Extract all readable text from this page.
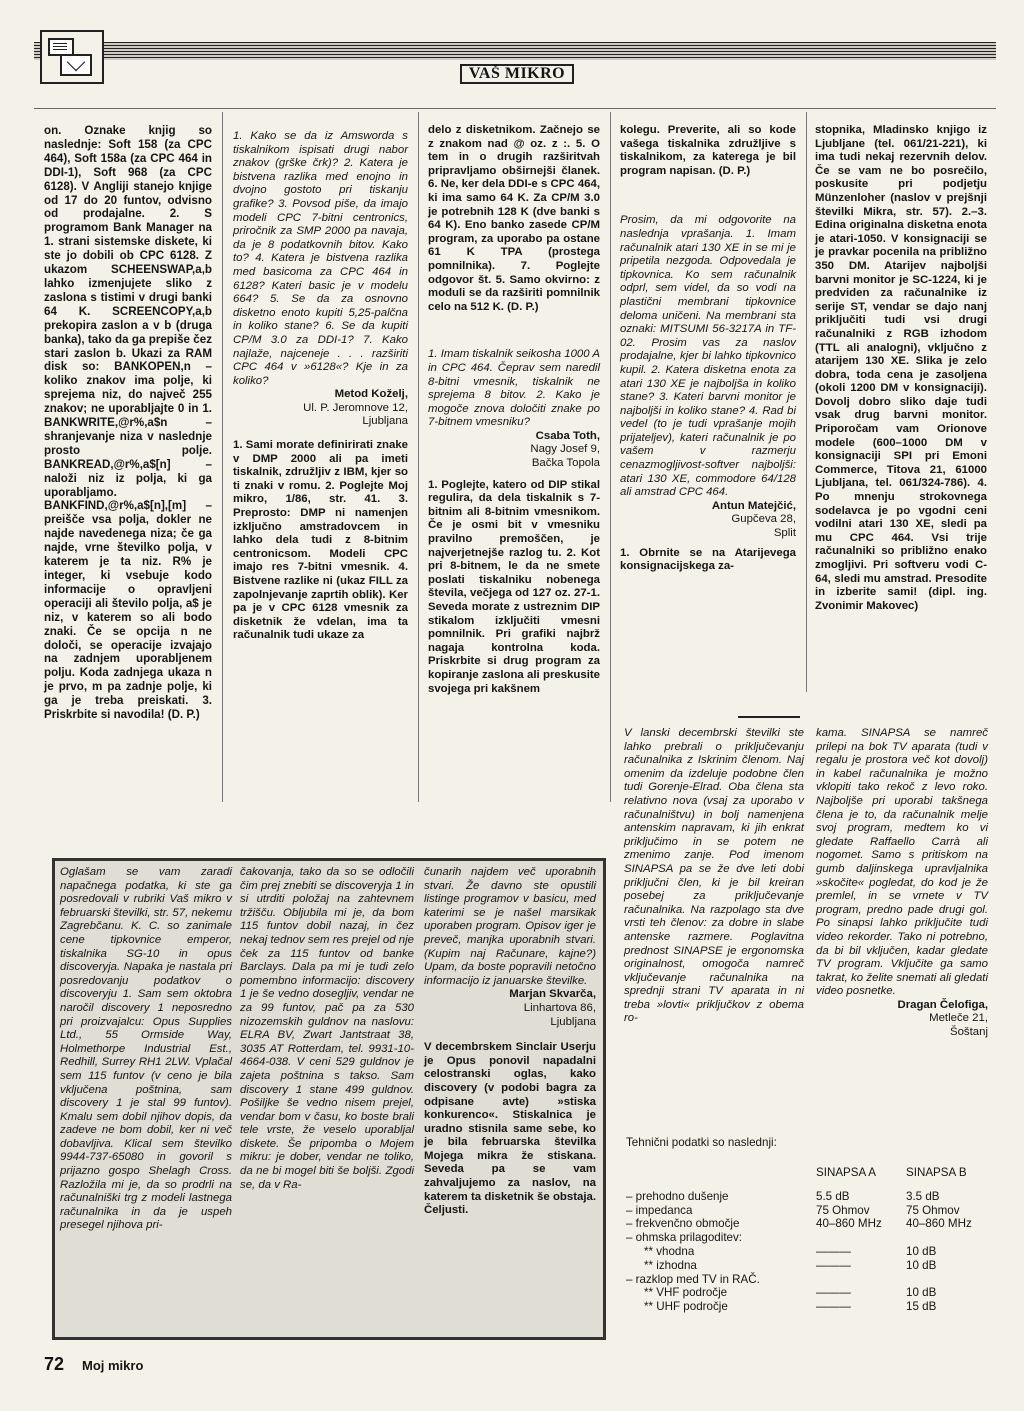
VAŠ MIKRO

on. Oznake knjig so naslednje: Soft 158 (za CPC 464), Soft 158a (za CPC 464 in DDI-1), Soft 968 (za CPC 6128). V Angliji stanejo knjige od 17 do 20 funtov, odvisno od prodajalne. 2. S programom Bank Manager na 1. strani sistemske diskete, ki ste jo dobili ob CPC 6128. Z ukazom SCHEENSWAP,a,b lahko izmenjujete sliko z zaslona s tistimi v drugi banki 64 K. SCREENCOPY,a,b prekopira zaslon a v b (druga banka), tako da ga prepiše čez stari zaslon b. Ukazi za RAM disk so: BANKOPEN,n – koliko znakov ima polje, ki sprejema niz, do največ 255 znakov; ne uporabljajte 0 in 1. BANKWRITE,@r%,a$n – shranjevanje niza v naslednje prosto polje. BANKREAD,@r%,a$[n] – naloži niz iz polja, ki ga uporabljamo. BANKFIND,@r%,a$[n],[m] – preišče vsa polja, dokler ne najde navedenega niza; če ga najde, vrne številko polja, v katerem je ta niz. R% je integer, ki vsebuje kodo informacije o opravljeni operaciji ali število polja, a$ je niz, v katerem so ali bodo znaki. Če se opcija n ne določi, se operacije izvajajo na zadnjem uporabljenem polju. Koda zadnjega ukaza n je prvo, m pa zadnje polje, ki ga je treba preiskati. 3. Priskrbite si navodila! (D. P.)

1. Kako se da iz Amsworda s tiskalnikom ispisati drugi nabor znakov (grške črk)? 2. Katera je bistvena razlika med enojno in dvojno gostoto pri tiskanju grafike? 3. Povsod piše, da imajo modeli CPC 7-bitni centronics, priročnik za SMP 2000 pa navaja, da je 8 podatkovnih bitov. Kako to? 4. Katera je bistvena razlika med basicoma za CPC 464 in 6128? Kateri basic je v modelu 664? 5. Se da za osnovno disketno enoto kupiti 5,25-palčna in koliko stane? 6. Se da kupiti CP/M 3.0 za DDI-1? 7. Kako najlaže, najceneje . . . razširiti CPC 464 v »6128«? Kje in za koliko?

Metod Koželj,
Ul. P. Jeromnove 12,
Ljubljana

1. Sami morate definirirati znake v DMP 2000 ali pa imeti tiskalnik, združljiv z IBM, kjer so ti znaki v romu. 2. Poglejte Moj mikro, 1/86, str. 41. 3. Preprosto: DMP ni namenjen izključno amstradovcem in lahko dela tudi z 8-bitnim centronicsom. Modeli CPC imajo res 7-bitni vmesnik. 4. Bistvene razlike ni (ukaz FILL za zapolnjevanje zaprtih oblik). Ker pa je v CPC 6128 vmesnik za disketnik že vdelan, ima ta računalnik tudi ukaze za

delo z disketnikom. Začnejo se z znakom nad @ oz. z :. 5. O tem in o drugih razširitvah pripravljamo obširnejši članek. 6. Ne, ker dela DDI-e s CPC 464, ki ima samo 64 K. Za CP/M 3.0 je potrebnih 128 K (dve banki s 64 K). Eno banko zasede CP/M program, za uporabo pa ostane 61 K TPA (prostega pomnilnika). 7. Poglejte odgovor št. 5. Samo okvirno: z moduli se da razširiti pomnilnik celo na 512 K. (D. P.)

1. Imam tiskalnik seikosha 1000 A in CPC 464. Čeprav sem naredil 8-bitni vmesnik, tiskalnik ne sprejema 8 bitov. 2. Kako je mogoče znova določiti znake po 7-bitnem vmesniku?

Csaba Toth,
Nagy Josef 9,
Bačka Topola

1. Poglejte, katero od DIP stikal regulira, da dela tiskalnik s 7-bitnim ali 8-bitnim vmesnikom. Če je osmi bit v vmesniku pravilno premoščen, je najverjetnejše razlog tu. 2. Kot pri 8-bitnem, le da ne smete poslati tiskalniku nobenega števila, večjega od 127 oz. 27-1. Seveda morate z ustreznim DIP stikalom izključiti vmesni pomnilnik. Pri grafiki najbrž nagaja kontrolna koda. Priskrbite si drug program za kopiranje zaslona ali preskusite svojega pri kakšnem

kolegu. Preverite, ali so kode vašega tiskalnika združljive s tiskalnikom, za katerega je bil program napisan. (D. P.)

Prosim, da mi odgovorite na naslednja vprašanja. 1. Imam računalnik atari 130 XE in se mi je pripetila nezgoda. Odpovedala je tipkovnica. Ko sem računalnik odprl, sem videl, da so vodi na plastični membrani tipkovnice deloma uničeni. Na membrani sta oznaki: MITSUMI 56-3217A in TF-02. Prosim vas za naslov prodajalne, kjer bi lahko tipkovnico kupil. 2. Katera disketna enota za atari 130 XE je najboljša in koliko stane? 3. Kateri barvni monitor je najboljši in koliko stane? 4. Rad bi vedel (to je tudi vprašanje mojih prijateljev), kateri računalnik je po vašem v razmerju cenazmogljivost-softver najboljši: atari 130 XE, commodore 64/128 ali amstrad CPC 464.

Antun Matejčić,
Gupčeva 28,
Split

1. Obrnite se na Atarijevega konsignacijskega za-

stopnika, Mladinsko knjigo iz Ljubljane (tel. 061/21-221), ki ima tudi nekaj rezervnih delov. Če se vam ne bo posrečilo, poskusite pri podjetju Münzenloher (naslov v prejšnji številki Mikra, str. 57). 2.–3. Edina originalna disketna enota je atari-1050. V konsignaciji se je pravkar pocenila na približno 350 DM. Atarijev najboljši barvni monitor je SC-1224, ki je predviden za računalnike iz serije ST, vendar se dajo nanj priključiti tudi vsi drugi računalniki z RGB izhodom (TTL ali analogni), vključno z atarijem 130 XE. Slika je zelo dobra, toda cena je zasoljena (okoli 1200 DM v konsignaciji). Dovolj dobro sliko daje tudi vsak drug barvni monitor. Priporočam vam Orionove modele (600–1000 DM v konsignaciji SPI pri Emoni Commerce, Titova 21, 61000 Ljubljana, tel. 061/324-786). 4. Po mnenju strokovnega sodelavca je po vgodni ceni vodilni atari 130 XE, sledi pa mu CPC 464. Vsi trije računalniki so približno enako zmogljivi. Pri softveru vodi C-64, sledi mu amstrad. Presodite in izberite sami! (dipl. ing. Zvonimir Makovec)

Oglašam se vam zaradi napačnega podatka, ki ste ga posredovali v rubriki Vaš mikro v februarski številki, str. 57, nekemu Zagrebčanu. K. C. so zanimale cene tipkovnice emperor, tiskalnika SG-10 in opus discoveryja. Napaka je nastala pri posredovanju podatkov o discoveryju 1. Sam sem oktobra naročil discovery 1 neposredno pri proizvajalcu: Opus Supplies Ltd., 55 Ormside Way, Holmethorpe Industrial Est., Redhill, Surrey RH1 2LW. Vplačal sem 115 funtov (v ceno je bila vključena poštnina, sam discovery 1 je stal 99 funtov). Kmalu sem dobil njihov dopis, da zadeve ne bom dobil, ker ni več dobavljiva. Klical sem številko 9944-737-65080 in govoril s prijazno gospo Shelagh Cross. Razložila mi je, da so prodrli na računalniški trg z modeli lastnega računalnika in da je uspeh presegel njihova pri-

čakovanja, tako da so se odločili čim prej znebiti se discoveryja 1 in si utrditi položaj na zahtevnem tržišču. Obljubila mi je, da bom 115 funtov dobil nazaj, in čez nekaj tednov sem res prejel od nje ček za 115 funtov od banke Barclays. Dala pa mi je tudi zelo pomembno informacijo: discovery 1 je še vedno dosegljiv, vendar ne za 99 funtov, pač pa za 530 nizozemskih guldnov na naslovu: ELRA BV, Zwart Jantstraat 38, 3035 AT Rotterdam, tel. 9931-10-4664-038. V ceni 529 guldnov je zajeta poštnina s takso. Sam discovery 1 stane 499 guldnov. Pošiljke še vedno nisem prejel, vendar bom v času, ko boste brali tele vrste, že veselo uporabljal diskete. Še pripomba o Mojem mikru: je dober, vendar ne toliko, da ne bi mogel biti še boljši. Zgodi se, da v Ra-

čunarih najdem več uporabnih stvari. Že davno ste opustili listinge programov v basicu, med katerimi se je našel marsikak uporaben program. Opisov iger je preveč, manjka uporabnih stvari. (Kupim naj Računare, kajne?) Upam, da boste popravili netočno informacijo iz januarske številke.

Marjan Skvarča,
Linhartova 86,
Ljubljana

V decembrskem Sinclair Userju je Opus ponovil napadalni celostranski oglas, kako discovery (v podobi bagra za odpisane avte) »stiska konkurenco«. Stiskalnica je uradno stisnila same sebe, ko je bila februarska številka Mojega mikra že stiskana. Seveda pa se vam zahvaljujemo za naslov, na katerem ta disketnik še obstaja. Čeljusti.

V lanski decembrski številki ste lahko prebrali o priključevanju računalnika z Iskrinim členom. Naj omenim da izdeluje podobne člen tudi Gorenje-Elrad. Oba člena sta relativno nova (vsaj za uporabo v računalništvu) in bolj namenjena antenskim napravam, ki jih enkrat priključimo in se potem ne zmenimo zanje. Pod imenom SINAPSA pa se že dve leti dobi priključni člen, ki je bil kreiran posebej za priključevanje računalnika. Na razpolago sta dve vrsti teh členov: za dobre in slabe antenske razmere. Poglavitna prednost SINAPSE je ergonomska originalnost, omogoča namreč vključevanje računalnika na sprednji strani TV aparata in ni treba »lovti« priključkov z obema ro-

kama. SINAPSA se namreč prilepi na bok TV aparata (tudi v regalu je prostora več kot dovolj) in kabel računalnika je možno vklopiti tako rekoč z levo roko. Najboljše pri uporabi takšnega člena je to, da računalnik melje svoj program, medtem ko vi gledate Raffaello Carrà ali nogomet. Samo s pritiskom na gumb daljinskega upravljalnika »skočite« pogledat, do kod je že premlel, in se vrnete v TV program, predno pade drugi gol. Po sinapsi lahko priključite tudi video rekorder. Tako ni potrebno, da bi bil vključen, kadar gledate TV program. Vključite ga samo takrat, ko želite snemati ali gledati video posnetke.

Dragan Čelofiga,
Metleče 21,
Šoštanj
Tehnični podatki so naslednji:
	SINAPSA A	SINAPSA B

– prehodno dušenje	5.5 dB	3.5 dB
– impedanca	75 Ohmov	75 Ohmov
– frekvenčno območje	40–860 MHz	40–860 MHz
– ohmska prilagoditev:		
** vhodna	———	10 dB
** izhodna	———	10 dB
– razklop med TV in RAČ.		
** VHF področje	———	10 dB
** UHF področje	———	15 dB
72 Moj mikro
